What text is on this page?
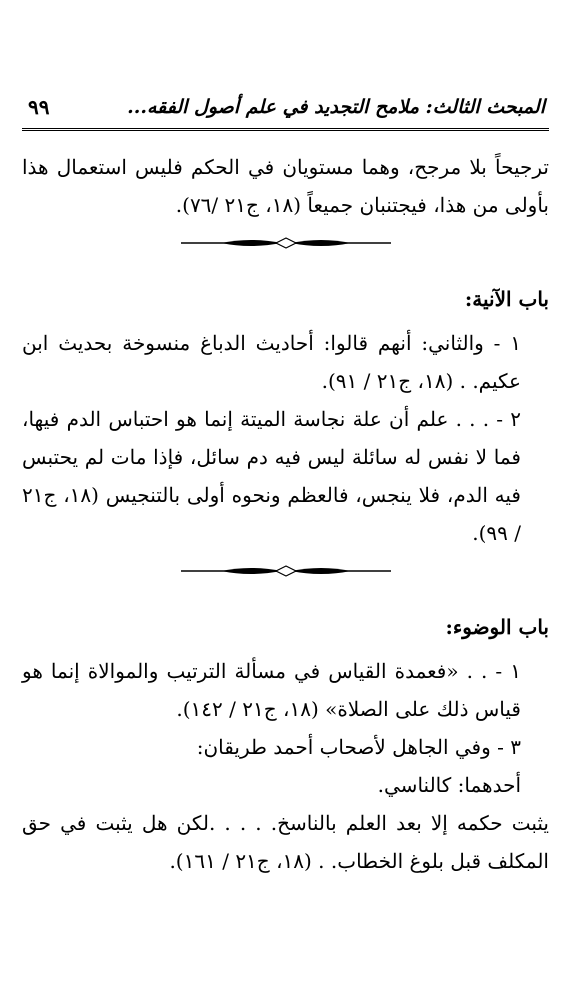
المبحث الثالث: ملامح التجديد في علم أصول الفقه...
٩٩

ترجيحاً بلا مرجح، وهما مستويان في الحكم فليس استعمال هذا بأولى من هذا، فيجتنبان جميعاً (١٨، ج٢١ /٧٦).

باب الآنية:

١ - والثاني: أنهم قالوا: أحاديث الدباغ منسوخة بحديث ابن عكيم. . (١٨، ج٢١ / ٩١).

٢ - . . . علم أن علة نجاسة الميتة إنما هو احتباس الدم فيها، فما لا نفس له سائلة ليس فيه دم سائل، فإذا مات لم يحتبس فيه الدم، فلا ينجس، فالعظم ونحوه أولى بالتنجيس (١٨، ج٢١ / ٩٩).

باب الوضوء:

١ - . . «فعمدة القياس في مسألة الترتيب والموالاة إنما هو قياس ذلك على الصلاة» (١٨، ج٢١ / ١٤٢).

٣ - وفي الجاهل لأصحاب أحمد طريقان:

أحدهما: كالناسي.

يثبت حكمه إلا بعد العلم بالناسخ. . . . .لكن هل يثبت في حق المكلف قبل بلوغ الخطاب. . (١٨، ج٢١ / ١٦١).
